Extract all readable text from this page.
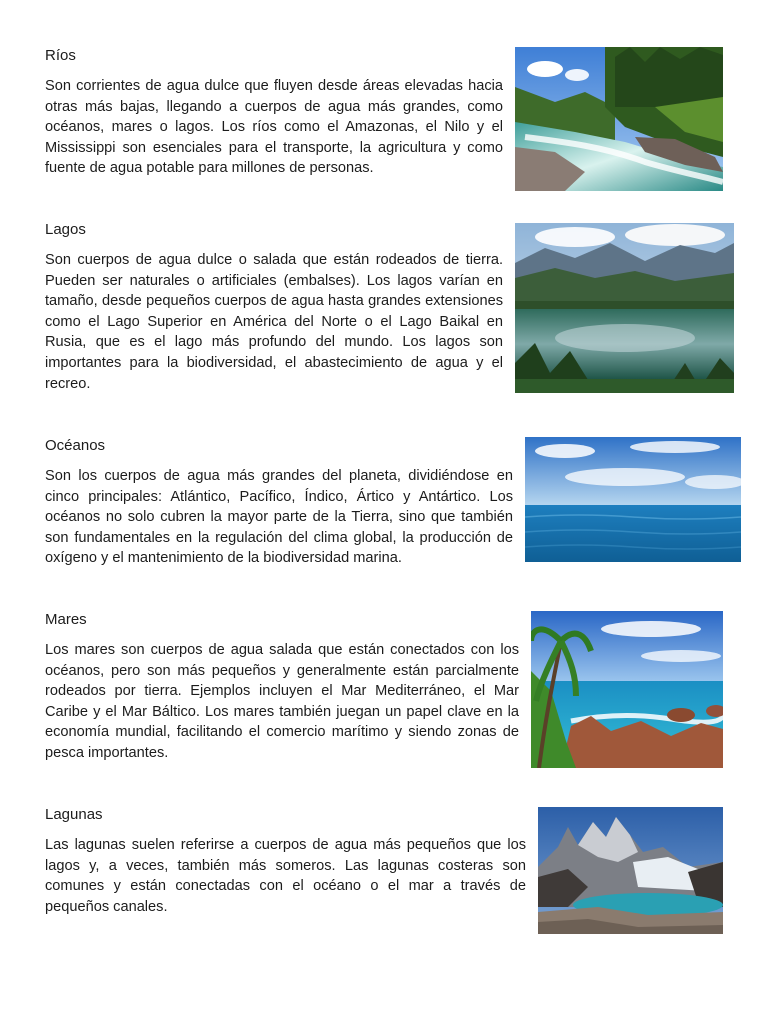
Ríos
Son corrientes de agua dulce que fluyen desde áreas elevadas hacia otras más bajas, llegando a cuerpos de agua más grandes, como océanos, mares o lagos. Los ríos como el Amazonas, el Nilo y el Mississippi son esenciales para el transporte, la agricultura y como fuente de agua potable para millones de personas.
Lagos
Son cuerpos de agua dulce o salada que están rodeados de tierra. Pueden ser naturales o artificiales (embalses). Los lagos varían en tamaño, desde pequeños cuerpos de agua hasta grandes extensiones como el Lago Superior en América del Norte o el Lago Baikal en Rusia, que es el lago más profundo del mundo. Los lagos son importantes para la biodiversidad, el abastecimiento de agua y el recreo.
Océanos
Son los cuerpos de agua más grandes del planeta, dividiéndose en cinco principales: Atlántico, Pacífico, Índico, Ártico y Antártico. Los océanos no solo cubren la mayor parte de la Tierra, sino que también son fundamentales en la regulación del clima global, la producción de oxígeno y el mantenimiento de la biodiversidad marina.
Mares
Los mares son cuerpos de agua salada que están conectados con los océanos, pero son más pequeños y generalmente están parcialmente rodeados por tierra. Ejemplos incluyen el Mar Mediterráneo, el Mar Caribe y el Mar Báltico. Los mares también juegan un papel clave en la economía mundial, facilitando el comercio marítimo y siendo zonas de pesca importantes.
Lagunas
Las lagunas suelen referirse a cuerpos de agua más pequeños que los lagos y, a veces, también más someros. Las lagunas costeras son comunes y están conectadas con el océano o el mar a través de pequeños canales.
